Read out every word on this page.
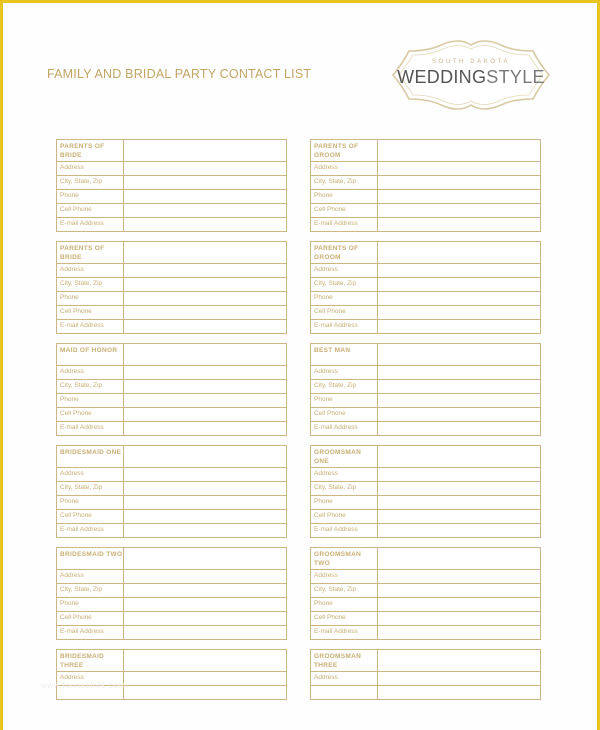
FAMILY AND BRIDAL PARTY CONTACT LIST
SOUTH DAKOTA
WEDDINGSTYLE
PARENTS OF BRIDE
Address
City, State, Zip
Phone
Cell Phone
E-mail Address
PARENTS OF BRIDE
Address
City, State, Zip
Phone
Cell Phone
E-mail Address
MAID OF HONOR
Address
City, State, Zip
Phone
Cell Phone
E-mail Address
BRIDESMAID ONE
Address
City, State, Zip
Phone
Cell Phone
E-mail Address
BRIDESMAID TWO
Address
City, State, Zip
Phone
Cell Phone
E-mail Address
BRIDESMAID THREE
Address
PARENTS OF GROOM
Address
City, State, Zip
Phone
Cell Phone
E-mail Address
PARENTS OF GROOM
Address
City, State, Zip
Phone
Cell Phone
E-mail Address
BEST MAN
Address
City, State, Zip
Phone
Cell Phone
E-mail Address
GROOMSMAN ONE
Address
City, State, Zip
Phone
Cell Phone
E-mail Address
GROOMSMAN TWO
Address
City, State, Zip
Phone
Cell Phone
E-mail Address
GROOMSMAN THREE
Address
www.formsbirds.com
